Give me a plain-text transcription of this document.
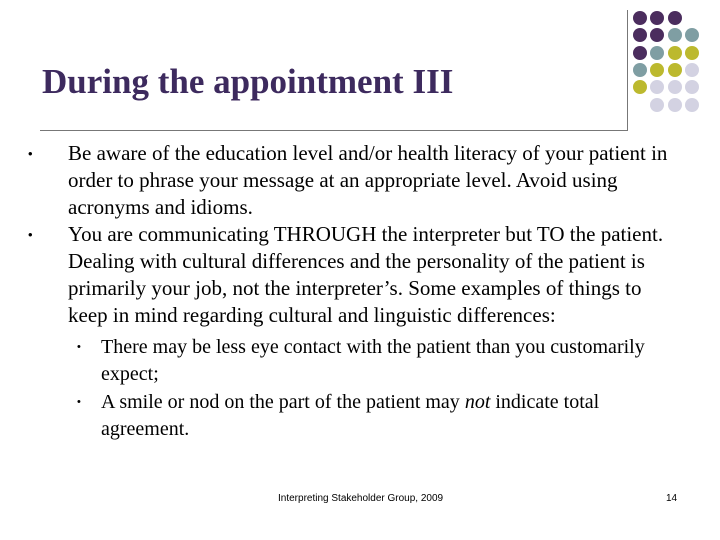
During the appointment III
• Be aware of the education level and/or health literacy of your patient in order to phrase your message at an appropriate level. Avoid using acronyms and idioms.
• You are communicating THROUGH the interpreter but TO the patient. Dealing with cultural differences and the personality of the patient is primarily your job, not the interpreter’s. Some examples of things to keep in mind regarding cultural and linguistic differences:
• There may be less eye contact with the patient than you customarily expect;
• A smile or nod on the part of the patient may not indicate total agreement.
Interpreting Stakeholder Group, 2009	14
